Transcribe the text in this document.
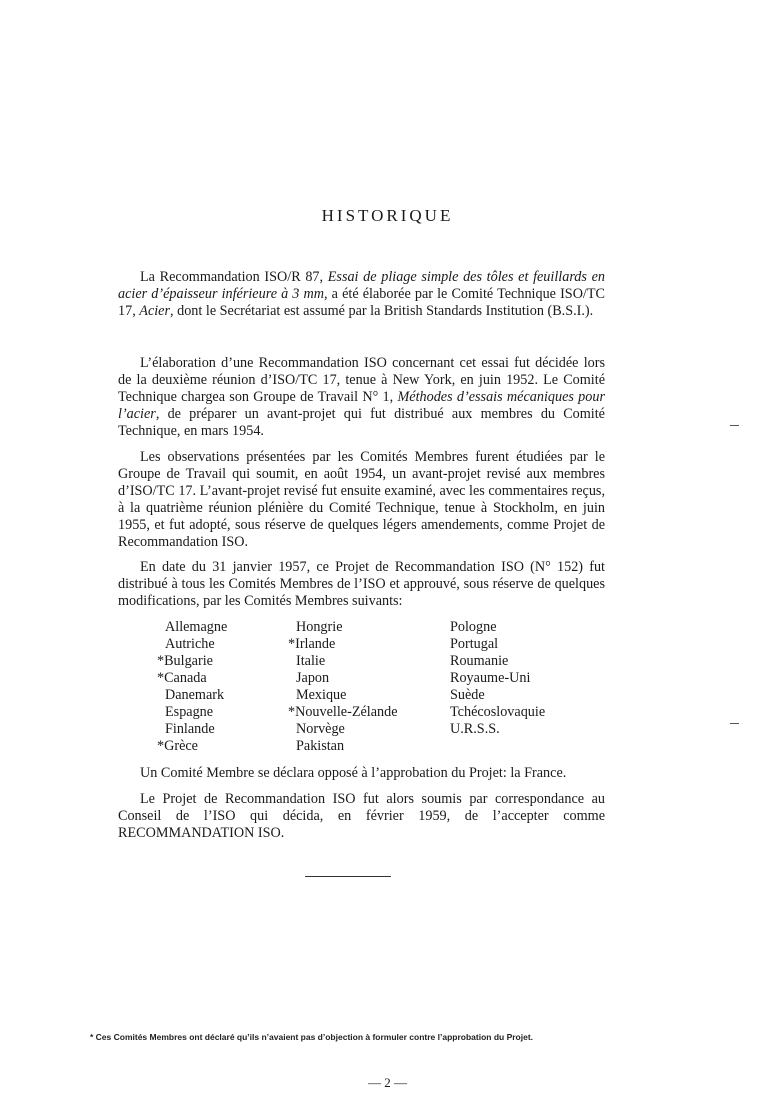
HISTORIQUE

La Recommandation ISO/R 87, Essai de pliage simple des tôles et feuillards en acier d’épaisseur inférieure à 3 mm, a été élaborée par le Comité Technique ISO/TC 17, Acier, dont le Secrétariat est assumé par la British Standards Institution (B.S.I.).

L’élaboration d’une Recommandation ISO concernant cet essai fut décidée lors de la deuxième réunion d’ISO/TC 17, tenue à New York, en juin 1952. Le Comité Technique chargea son Groupe de Travail N° 1, Méthodes d’essais mécaniques pour l’acier, de préparer un avant-projet qui fut distribué aux membres du Comité Technique, en mars 1954.

Les observations présentées par les Comités Membres furent étudiées par le Groupe de Travail qui soumit, en août 1954, un avant-projet revisé aux membres d’ISO/TC 17. L’avant-projet revisé fut ensuite examiné, avec les commentaires reçus, à la quatrième réunion plénière du Comité Technique, tenue à Stockholm, en juin 1955, et fut adopté, sous réserve de quelques légers amendements, comme Projet de Recommandation ISO.

En date du 31 janvier 1957, ce Projet de Recommandation ISO (N° 152) fut distribué à tous les Comités Membres de l’ISO et approuvé, sous réserve de quelques modifications, par les Comités Membres suivants:

Allemagne
Autriche
*Bulgarie
*Canada
Danemark
Espagne
Finlande
*Grèce
Hongrie
*Irlande
Italie
Japon
Mexique
*Nouvelle-Zélande
Norvège
Pakistan
Pologne
Portugal
Roumanie
Royaume-Uni
Suède
Tchécoslovaquie
U.R.S.S.

Un Comité Membre se déclara opposé à l’approbation du Projet: la France.

Le Projet de Recommandation ISO fut alors soumis par correspondance au Conseil de l’ISO qui décida, en février 1959, de l’accepter comme RECOMMANDATION ISO.

* Ces Comités Membres ont déclaré qu’ils n’avaient pas d’objection à formuler contre l’approbation du Projet.
— 2 —
